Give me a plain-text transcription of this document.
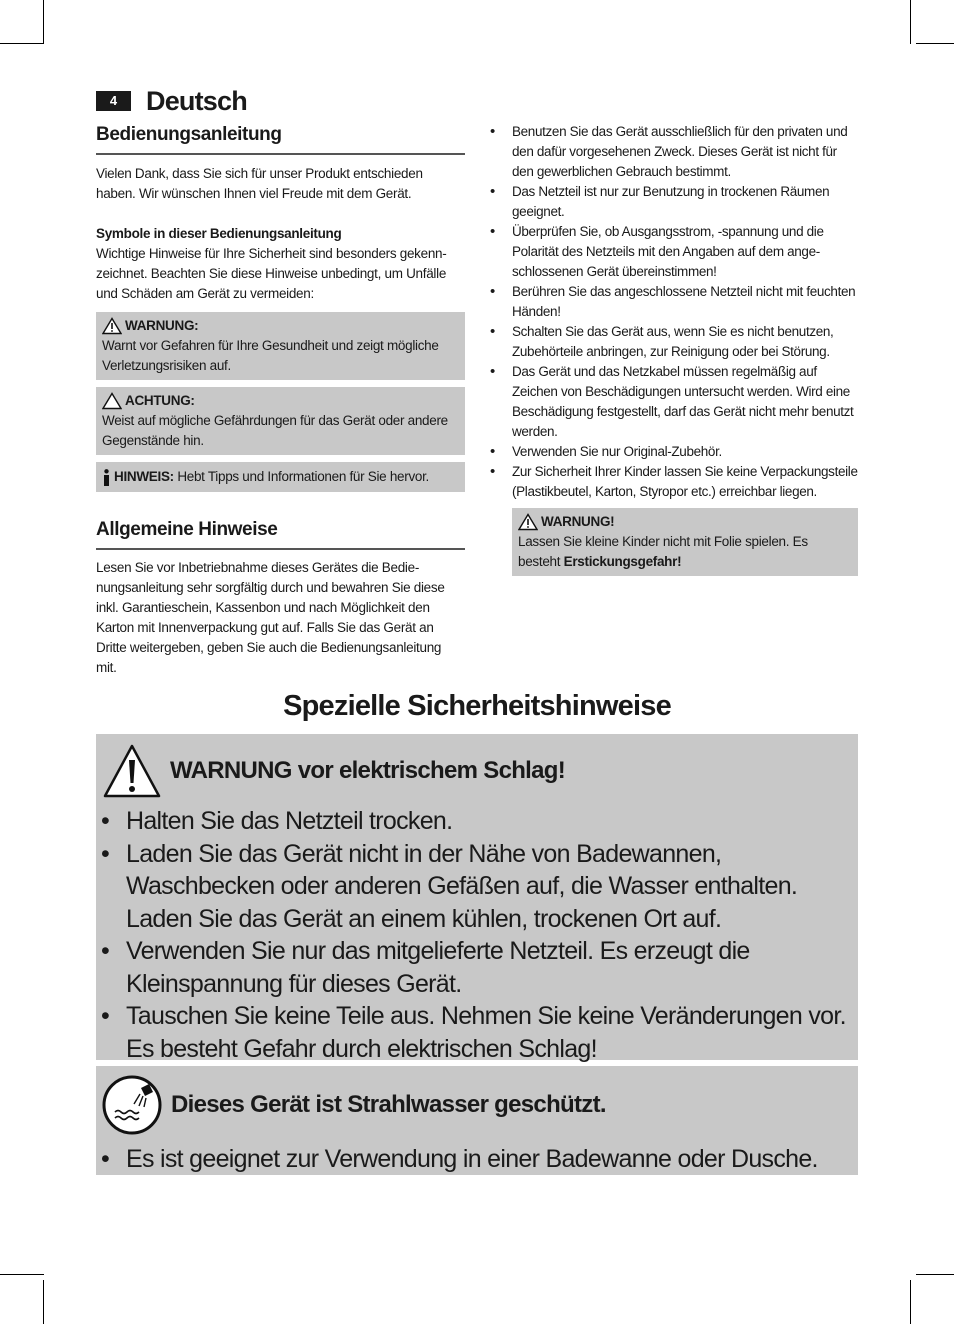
4	Deutsch
Bedienungsanleitung

Vielen Dank, dass Sie sich für unser Produkt entschieden haben. Wir wünschen Ihnen viel Freude mit dem Gerät.

Symbole in dieser Bedienungsanleitung

Wichtige Hinweise für Ihre Sicherheit sind besonders gekennzeichnet. Beachten Sie diese Hinweise unbedingt, um Unfälle und Schäden am Gerät zu vermeiden:

WARNUNG:
Warnt vor Gefahren für Ihre Gesundheit und zeigt mögliche Verletzungsrisiken auf.
ACHTUNG:
Weist auf mögliche Gefährdungen für das Gerät oder andere Gegenstände hin.
HINWEIS: Hebt Tipps und Informationen für Sie hervor.
Allgemeine Hinweise

Lesen Sie vor Inbetriebnahme dieses Gerätes die Bedienungsanleitung sehr sorgfältig durch und bewahren Sie diese inkl. Garantieschein, Kassenbon und nach Möglichkeit den Karton mit Innenverpackung gut auf. Falls Sie das Gerät an Dritte weitergeben, geben Sie auch die Bedienungsanleitung mit.

• Benutzen Sie das Gerät ausschließlich für den privaten und den dafür vorgesehenen Zweck. Dieses Gerät ist nicht für den gewerblichen Gebrauch bestimmt.
• Das Netzteil ist nur zur Benutzung in trockenen Räumen geeignet.
• Überprüfen Sie, ob Ausgangsstrom, -spannung und die Polarität des Netzteils mit den Angaben auf dem angeschlossenen Gerät übereinstimmen!
• Berühren Sie das angeschlossene Netzteil nicht mit feuchten Händen!
• Schalten Sie das Gerät aus, wenn Sie es nicht benutzen, Zubehörteile anbringen, zur Reinigung oder bei Störung.
• Das Gerät und das Netzkabel müssen regelmäßig auf Zeichen von Beschädigungen untersucht werden. Wird eine Beschädigung festgestellt, darf das Gerät nicht mehr benutzt werden.
• Verwenden Sie nur Original-Zubehör.
• Zur Sicherheit Ihrer Kinder lassen Sie keine Verpackungsteile (Plastikbeutel, Karton, Styropor etc.) erreichbar liegen.
WARNUNG!
Lassen Sie kleine Kinder nicht mit Folie spielen. Es besteht Erstickungsgefahr!
Spezielle Sicherheitshinweise
WARNUNG vor elektrischem Schlag!
• Halten Sie das Netzteil trocken.
• Laden Sie das Gerät nicht in der Nähe von Badewannen, Waschbecken oder anderen Gefäßen auf, die Wasser enthalten. Laden Sie das Gerät an einem kühlen, trockenen Ort auf.
• Verwenden Sie nur das mitgelieferte Netzteil. Es erzeugt die Kleinspannung für dieses Gerät.
• Tauschen Sie keine Teile aus. Nehmen Sie keine Veränderungen vor. Es besteht Gefahr durch elektrischen Schlag!
Dieses Gerät ist Strahlwasser geschützt.
• Es ist geeignet zur Verwendung in einer Badewanne oder Dusche.
